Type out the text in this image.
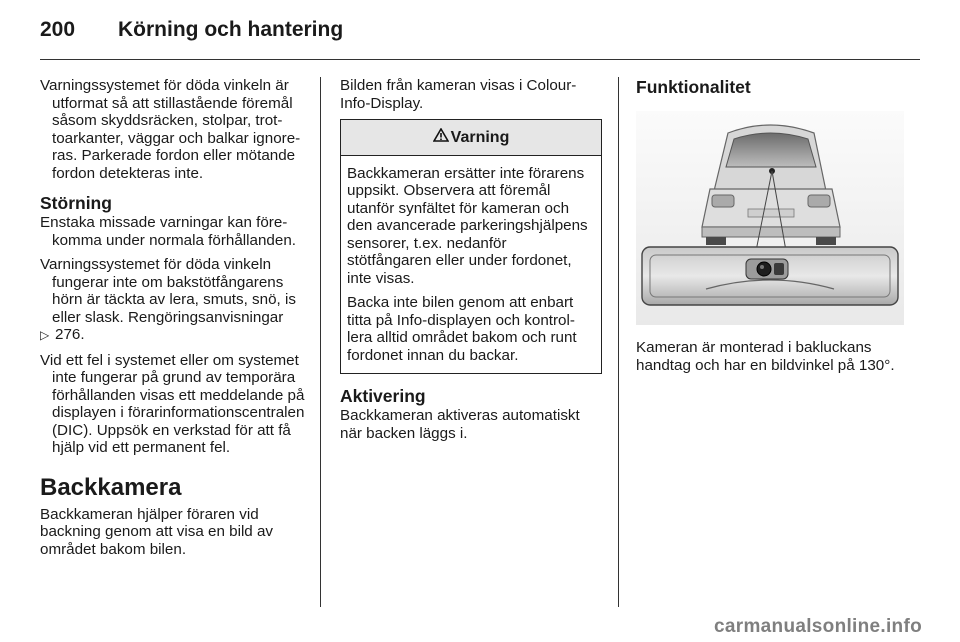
200	Körning och hantering

Varningssystemet för döda vinkeln är utformat så att stillastående föremål såsom skyddsräcken, stolpar, trottoarkanter, väggar och balkar ignoreras. Parkerade fordon eller mötande fordon detekteras inte.

Störning

Enstaka missade varningar kan förekomma under normala förhållanden.

Varningssystemet för döda vinkeln fungerar inte om bakstötfångarens hörn är täckta av lera, smuts, snö, is eller slask. Rengöringsanvisningar
▷ 276.

Vid ett fel i systemet eller om systemet inte fungerar på grund av temporära förhållanden visas ett meddelande på displayen i förarinformationscentralen (DIC). Uppsök en verkstad för att få hjälp vid ett permanent fel.

Backkamera

Backkameran hjälper föraren vid backning genom att visa en bild av området bakom bilen.

Bilden från kameran visas i Colour-Info-Display.

Varning

Backkameran ersätter inte förarens uppsikt. Observera att föremål utanför synfältet för kameran och den avancerade parkeringshjälpens sensorer, t.ex. nedanför stötfångaren eller under fordonet, inte visas.

Backa inte bilen genom att enbart titta på Info-displayen och kontrollera alltid området bakom och runt fordonet innan du backar.

Aktivering

Backkameran aktiveras automatiskt när backen läggs i.

Funktionalitet

Kameran är monterad i bakluckans handtag och har en bildvinkel på 130°.

carmanualsonline.info
